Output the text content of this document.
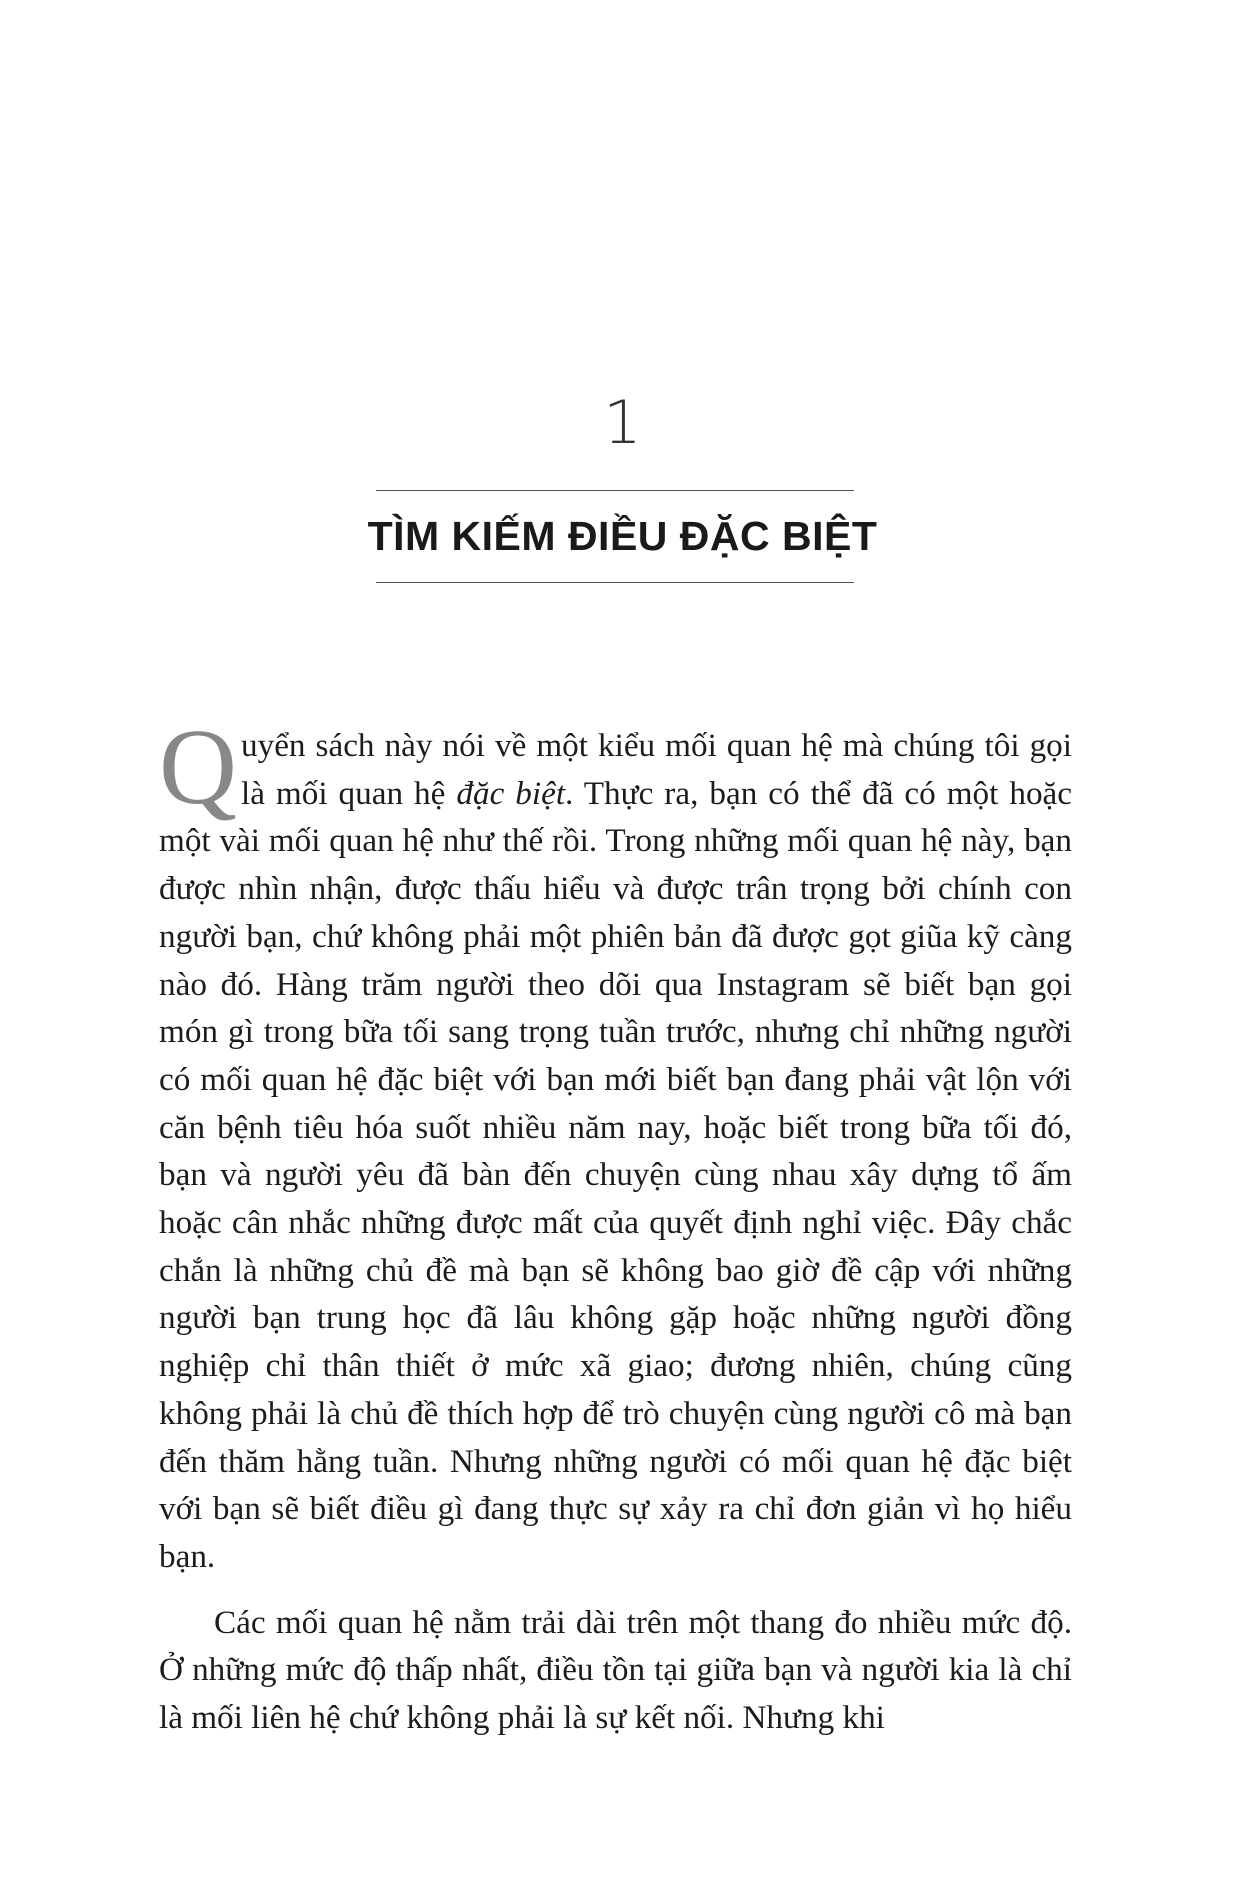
1
TÌM KIẾM ĐIỀU ĐẶC BIỆT

Quyển sách này nói về một kiểu mối quan hệ mà chúng tôi gọi là mối quan hệ đặc biệt. Thực ra, bạn có thể đã có một hoặc một vài mối quan hệ như thế rồi. Trong những mối quan hệ này, bạn được nhìn nhận, được thấu hiểu và được trân trọng bởi chính con người bạn, chứ không phải một phiên bản đã được gọt giũa kỹ càng nào đó. Hàng trăm người theo dõi qua Instagram sẽ biết bạn gọi món gì trong bữa tối sang trọng tuần trước, nhưng chỉ những người có mối quan hệ đặc biệt với bạn mới biết bạn đang phải vật lộn với căn bệnh tiêu hóa suốt nhiều năm nay, hoặc biết trong bữa tối đó, bạn và người yêu đã bàn đến chuyện cùng nhau xây dựng tổ ấm hoặc cân nhắc những được mất của quyết định nghỉ việc. Đây chắc chắn là những chủ đề mà bạn sẽ không bao giờ đề cập với những người bạn trung học đã lâu không gặp hoặc những người đồng nghiệp chỉ thân thiết ở mức xã giao; đương nhiên, chúng cũng không phải là chủ đề thích hợp để trò chuyện cùng người cô mà bạn đến thăm hằng tuần. Nhưng những người có mối quan hệ đặc biệt với bạn sẽ biết điều gì đang thực sự xảy ra chỉ đơn giản vì họ hiểu bạn.

Các mối quan hệ nằm trải dài trên một thang đo nhiều mức độ. Ở những mức độ thấp nhất, điều tồn tại giữa bạn và người kia là chỉ là mối liên hệ chứ không phải là sự kết nối. Nhưng khi
